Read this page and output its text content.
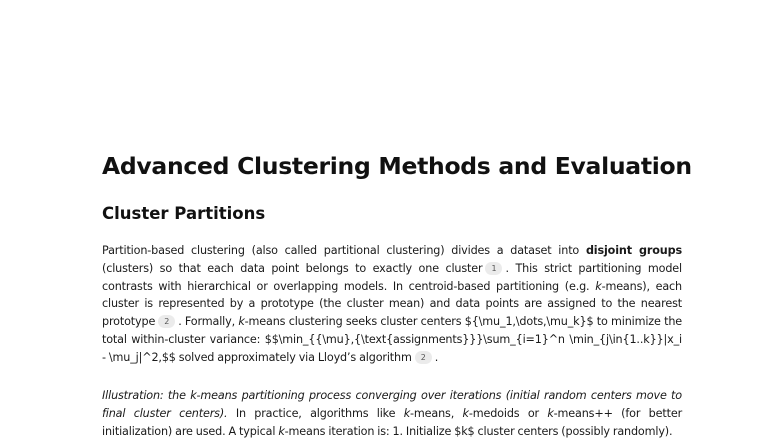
Advanced Clustering Methods and Evaluation
Cluster Partitions

Partition-based clustering (also called partitional clustering) divides a dataset into disjoint groups (clusters) so that each data point belongs to exactly one cluster 1 . This strict partitioning model contrasts with hierarchical or overlapping models. In centroid-based partitioning (e.g. k-means), each cluster is represented by a prototype (the cluster mean) and data points are assigned to the nearest prototype 2 . Formally, k-means clustering seeks cluster centers ${\mu_1,\dots,\mu_k}$ to minimize the total within-cluster variance: $$\min_{{\mu},{\text{assignments}}}\sum_{i=1}^n \min_{j\in{1..k}}|x_i - \mu_j|^2,$$ solved approximately via Lloyd’s algorithm 2 .

Illustration: the k-means partitioning process converging over iterations (initial random centers move to final cluster centers). In practice, algorithms like k-means, k-medoids or k-means++ (for better initialization) are used. A typical k-means iteration is: 1. Initialize $k$ cluster centers (possibly randomly).
